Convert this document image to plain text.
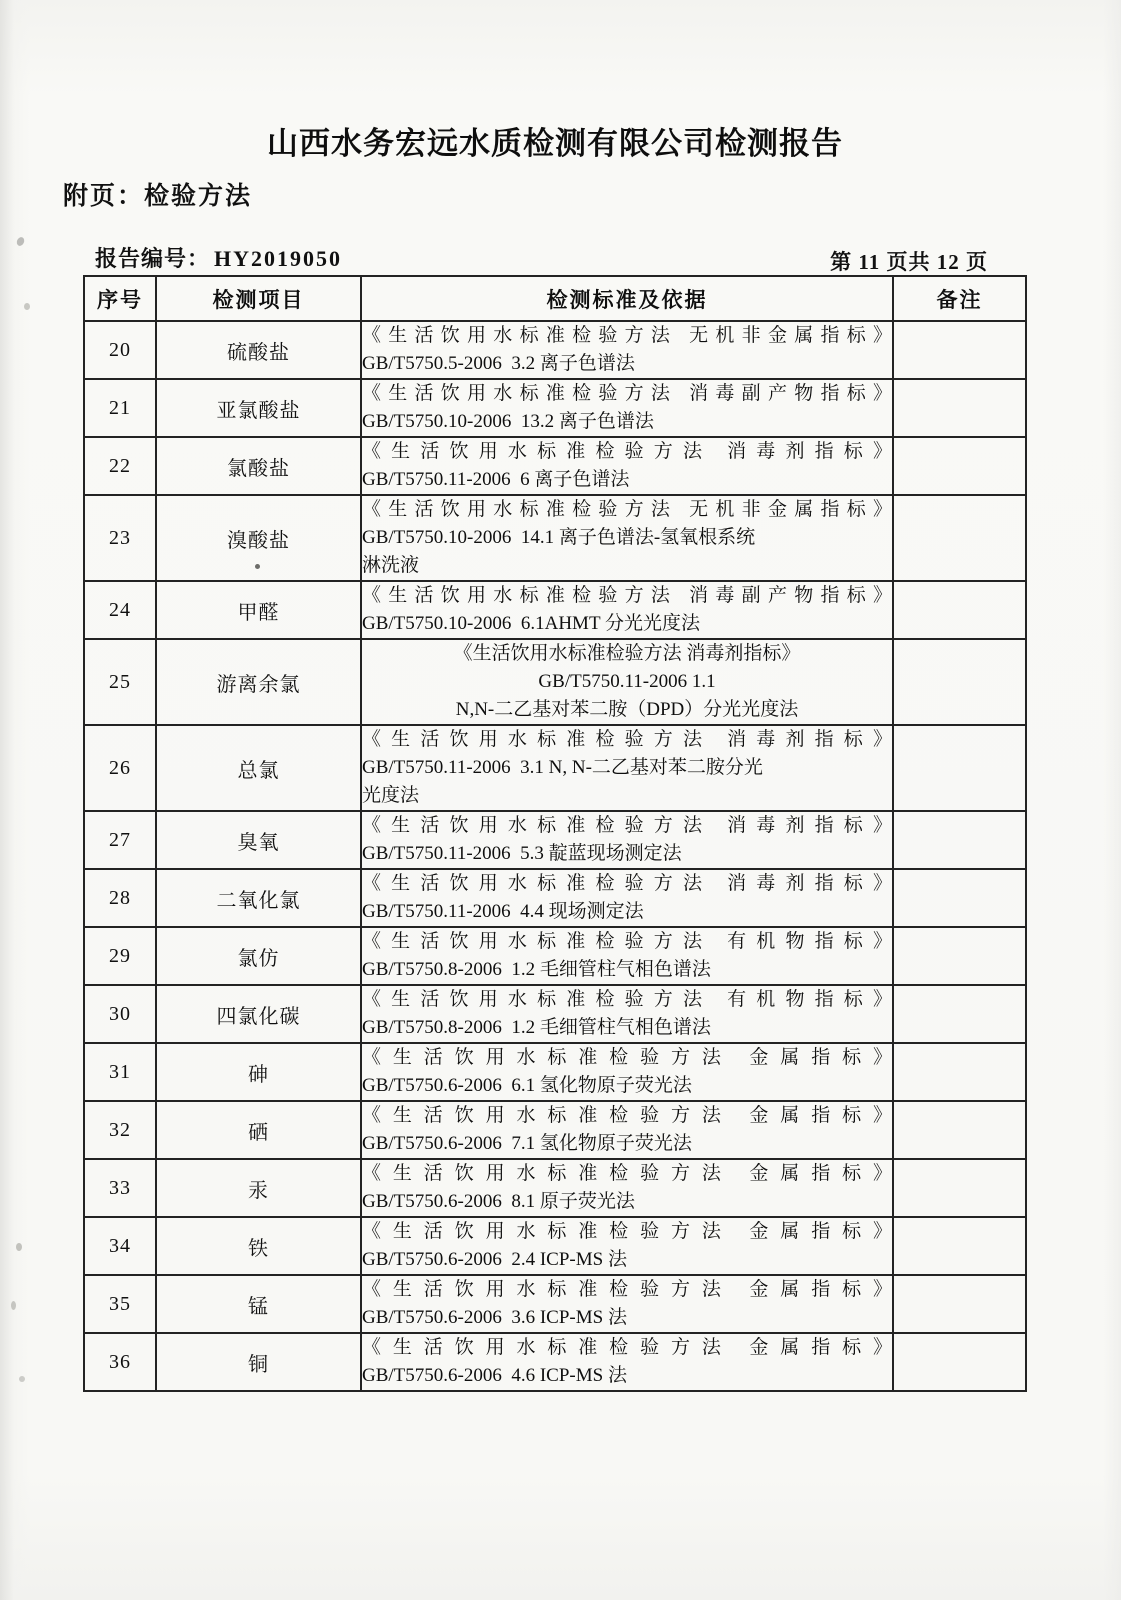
山西水务宏远水质检测有限公司检测报告
附页：检验方法
报告编号： HY2019050	第 11 页共 12 页
序号	检测项目	检测标准及依据	备注
20	硫酸盐	《生活饮用水标准检验方法 无机非金属指标》
GB/T5750.5-2006  3.2 离子色谱法	

21	亚氯酸盐	《生活饮用水标准检验方法 消毒副产物指标》
GB/T5750.10-2006  13.2 离子色谱法	

22	氯酸盐	《生活饮用水标准检验方法 消毒剂指标》
GB/T5750.11-2006  6 离子色谱法	

23	溴酸盐	《生活饮用水标准检验方法 无机非金属指标》
GB/T5750.10-2006  14.1 离子色谱法-氢氧根系统
淋洗液	

24	甲醛	《生活饮用水标准检验方法 消毒副产物指标》
GB/T5750.10-2006  6.1AHMT 分光光度法	

25	游离余氯	《生活饮用水标准检验方法 消毒剂指标》
GB/T5750.11-2006 1.1
N,N-二乙基对苯二胺（DPD）分光光度法	

26	总氯	《生活饮用水标准检验方法 消毒剂指标》
GB/T5750.11-2006  3.1 N, N-二乙基对苯二胺分光
光度法	

27	臭氧	《生活饮用水标准检验方法 消毒剂指标》
GB/T5750.11-2006  5.3 靛蓝现场测定法	

28	二氧化氯	《生活饮用水标准检验方法 消毒剂指标》
GB/T5750.11-2006  4.4 现场测定法	

29	氯仿	《生活饮用水标准检验方法 有机物指标》
GB/T5750.8-2006  1.2 毛细管柱气相色谱法	

30	四氯化碳	《生活饮用水标准检验方法 有机物指标》
GB/T5750.8-2006  1.2 毛细管柱气相色谱法	

31	砷	《生活饮用水标准检验方法 金属指标》
GB/T5750.6-2006  6.1 氢化物原子荧光法	

32	硒	《生活饮用水标准检验方法 金属指标》
GB/T5750.6-2006  7.1 氢化物原子荧光法	

33	汞	《生活饮用水标准检验方法 金属指标》
GB/T5750.6-2006  8.1 原子荧光法	

34	铁	《生活饮用水标准检验方法 金属指标》
GB/T5750.6-2006  2.4 ICP-MS 法	

35	锰	《生活饮用水标准检验方法 金属指标》
GB/T5750.6-2006  3.6 ICP-MS 法	

36	铜	《生活饮用水标准检验方法 金属指标》
GB/T5750.6-2006  4.6 ICP-MS 法	
